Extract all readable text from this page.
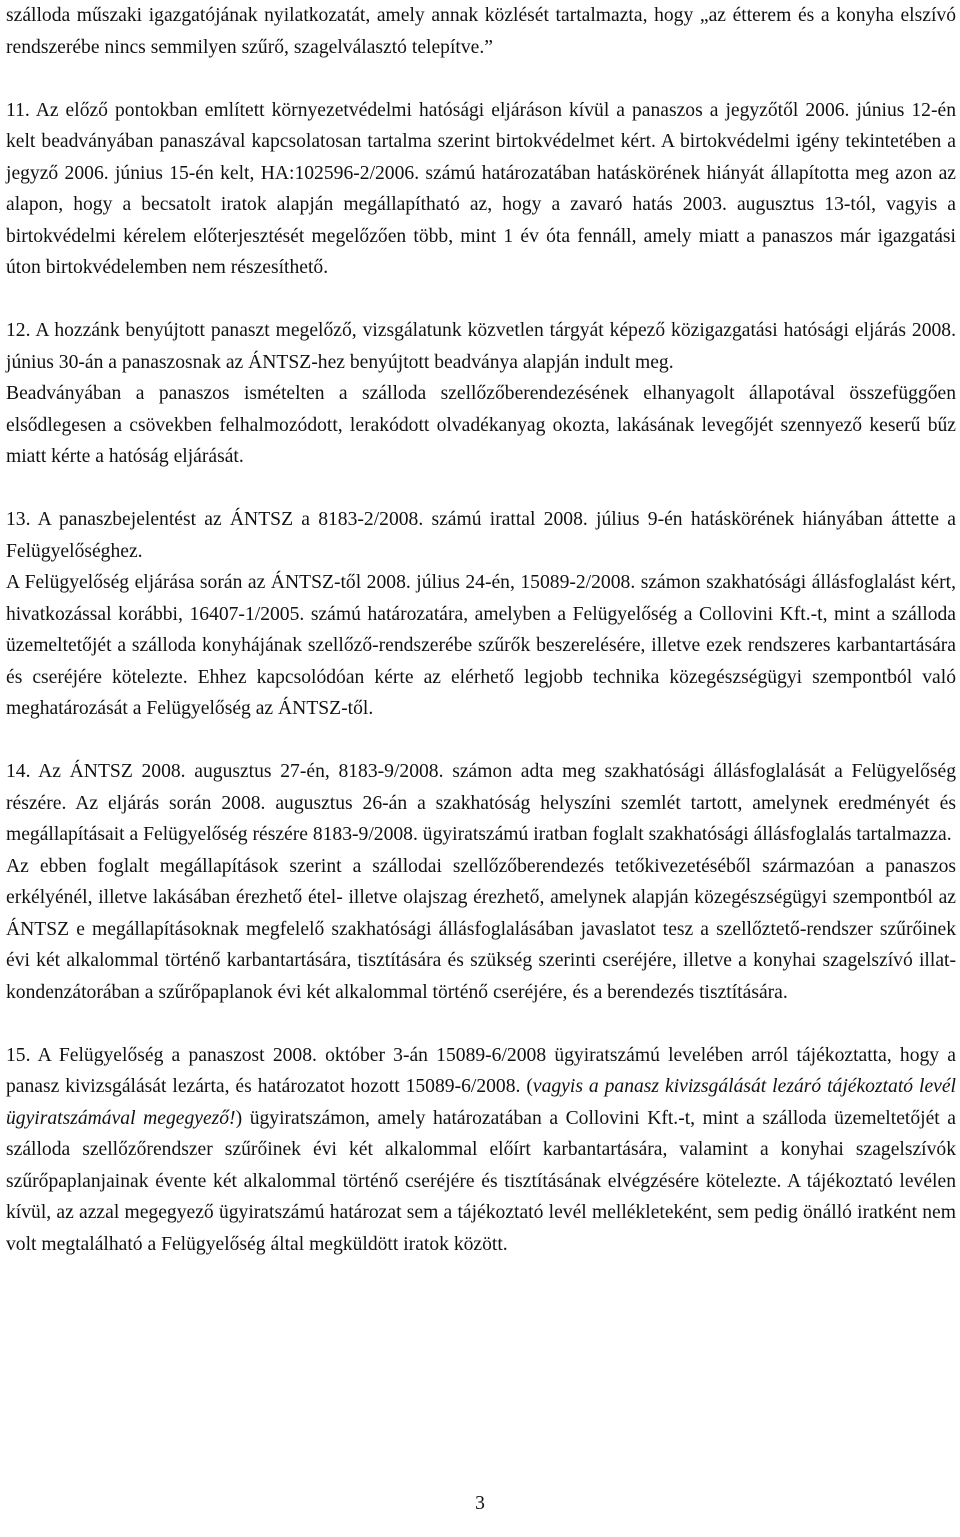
szálloda műszaki igazgatójának nyilatkozatát, amely annak közlését tartalmazta, hogy „az étterem és a konyha elszívó rendszerébe nincs semmilyen szűrő, szagelválasztó telepítve.”

11. Az előző pontokban említett környezetvédelmi hatósági eljáráson kívül a panaszos a jegyzőtől 2006. június 12-én kelt beadványában panaszával kapcsolatosan tartalma szerint birtokvédelmet kért. A birtokvédelmi igény tekintetében a jegyző 2006. június 15-én kelt, HA:102596-2/2006. számú határozatában hatáskörének hiányát állapította meg azon az alapon, hogy a becsatolt iratok alapján megállapítható az, hogy a zavaró hatás 2003. augusztus 13-tól, vagyis a birtokvédelmi kérelem előterjesztését megelőzően több, mint 1 év óta fennáll, amely miatt a panaszos már igazgatási úton birtokvédelemben nem részesíthető.

12. A hozzánk benyújtott panaszt megelőző, vizsgálatunk közvetlen tárgyát képező közigazgatási hatósági eljárás 2008. június 30-án a panaszosnak az ÁNTSZ-hez benyújtott beadványa alapján indult meg.

Beadványában a panaszos ismételten a szálloda szellőzőberendezésének elhanyagolt állapotával összefüggően elsődlegesen a csövekben felhalmozódott, lerakódott olvadékanyag okozta, lakásának levegőjét szennyező keserű bűz miatt kérte a hatóság eljárását.

13. A panaszbejelentést az ÁNTSZ a 8183-2/2008. számú irattal 2008. július 9-én hatáskörének hiányában áttette a Felügyelőséghez.

A Felügyelőség eljárása során az ÁNTSZ-től 2008. július 24-én, 15089-2/2008. számon szakhatósági állásfoglalást kért, hivatkozással korábbi, 16407-1/2005. számú határozatára, amelyben a Felügyelőség a Collovini Kft.-t, mint a szálloda üzemeltetőjét a szálloda konyhájának szellőző-rendszerébe szűrők beszerelésére, illetve ezek rendszeres karbantartására és cseréjére kötelezte. Ehhez kapcsolódóan kérte az elérhető legjobb technika közegészségügyi szempontból való meghatározását a Felügyelőség az ÁNTSZ-től.

14. Az ÁNTSZ 2008. augusztus 27-én, 8183-9/2008. számon adta meg szakhatósági állásfoglalását a Felügyelőség részére. Az eljárás során 2008. augusztus 26-án a szakhatóság helyszíni szemlét tartott, amelynek eredményét és megállapításait a Felügyelőség részére 8183-9/2008. ügyiratszámú iratban foglalt szakhatósági állásfoglalás tartalmazza.

Az ebben foglalt megállapítások szerint a szállodai szellőzőberendezés tetőkivezetéséből származóan a panaszos erkélyénél, illetve lakásában érezhető étel- illetve olajszag érezhető, amelynek alapján közegészségügyi szempontból az ÁNTSZ e megállapításoknak megfelelő szakhatósági állásfoglalásában javaslatot tesz a szellőztető-rendszer szűrőinek évi két alkalommal történő karbantartására, tisztítására és szükség szerinti cseréjére, illetve a konyhai szagelszívó illat-kondenzátorában a szűrőpaplanok évi két alkalommal történő cseréjére, és a berendezés tisztítására.

15. A Felügyelőség a panaszost 2008. október 3-án 15089-6/2008 ügyiratszámú levelében arról tájékoztatta, hogy a panasz kivizsgálását lezárta, és határozatot hozott 15089-6/2008. (vagyis a panasz kivizsgálását lezáró tájékoztató levél ügyiratszámával megegyező!) ügyiratszámon, amely határozatában a Collovini Kft.-t, mint a szálloda üzemeltetőjét a szálloda szellőzőrendszer szűrőinek évi két alkalommal előírt karbantartására, valamint a konyhai szagelszívók szűrőpaplanjainak évente két alkalommal történő cseréjére és tisztításának elvégzésére kötelezte. A tájékoztató levélen kívül, az azzal megegyező ügyiratszámú határozat sem a tájékoztató levél mellékleteként, sem pedig önálló iratként nem volt megtalálható a Felügyelőség által megküldött iratok között.

3
